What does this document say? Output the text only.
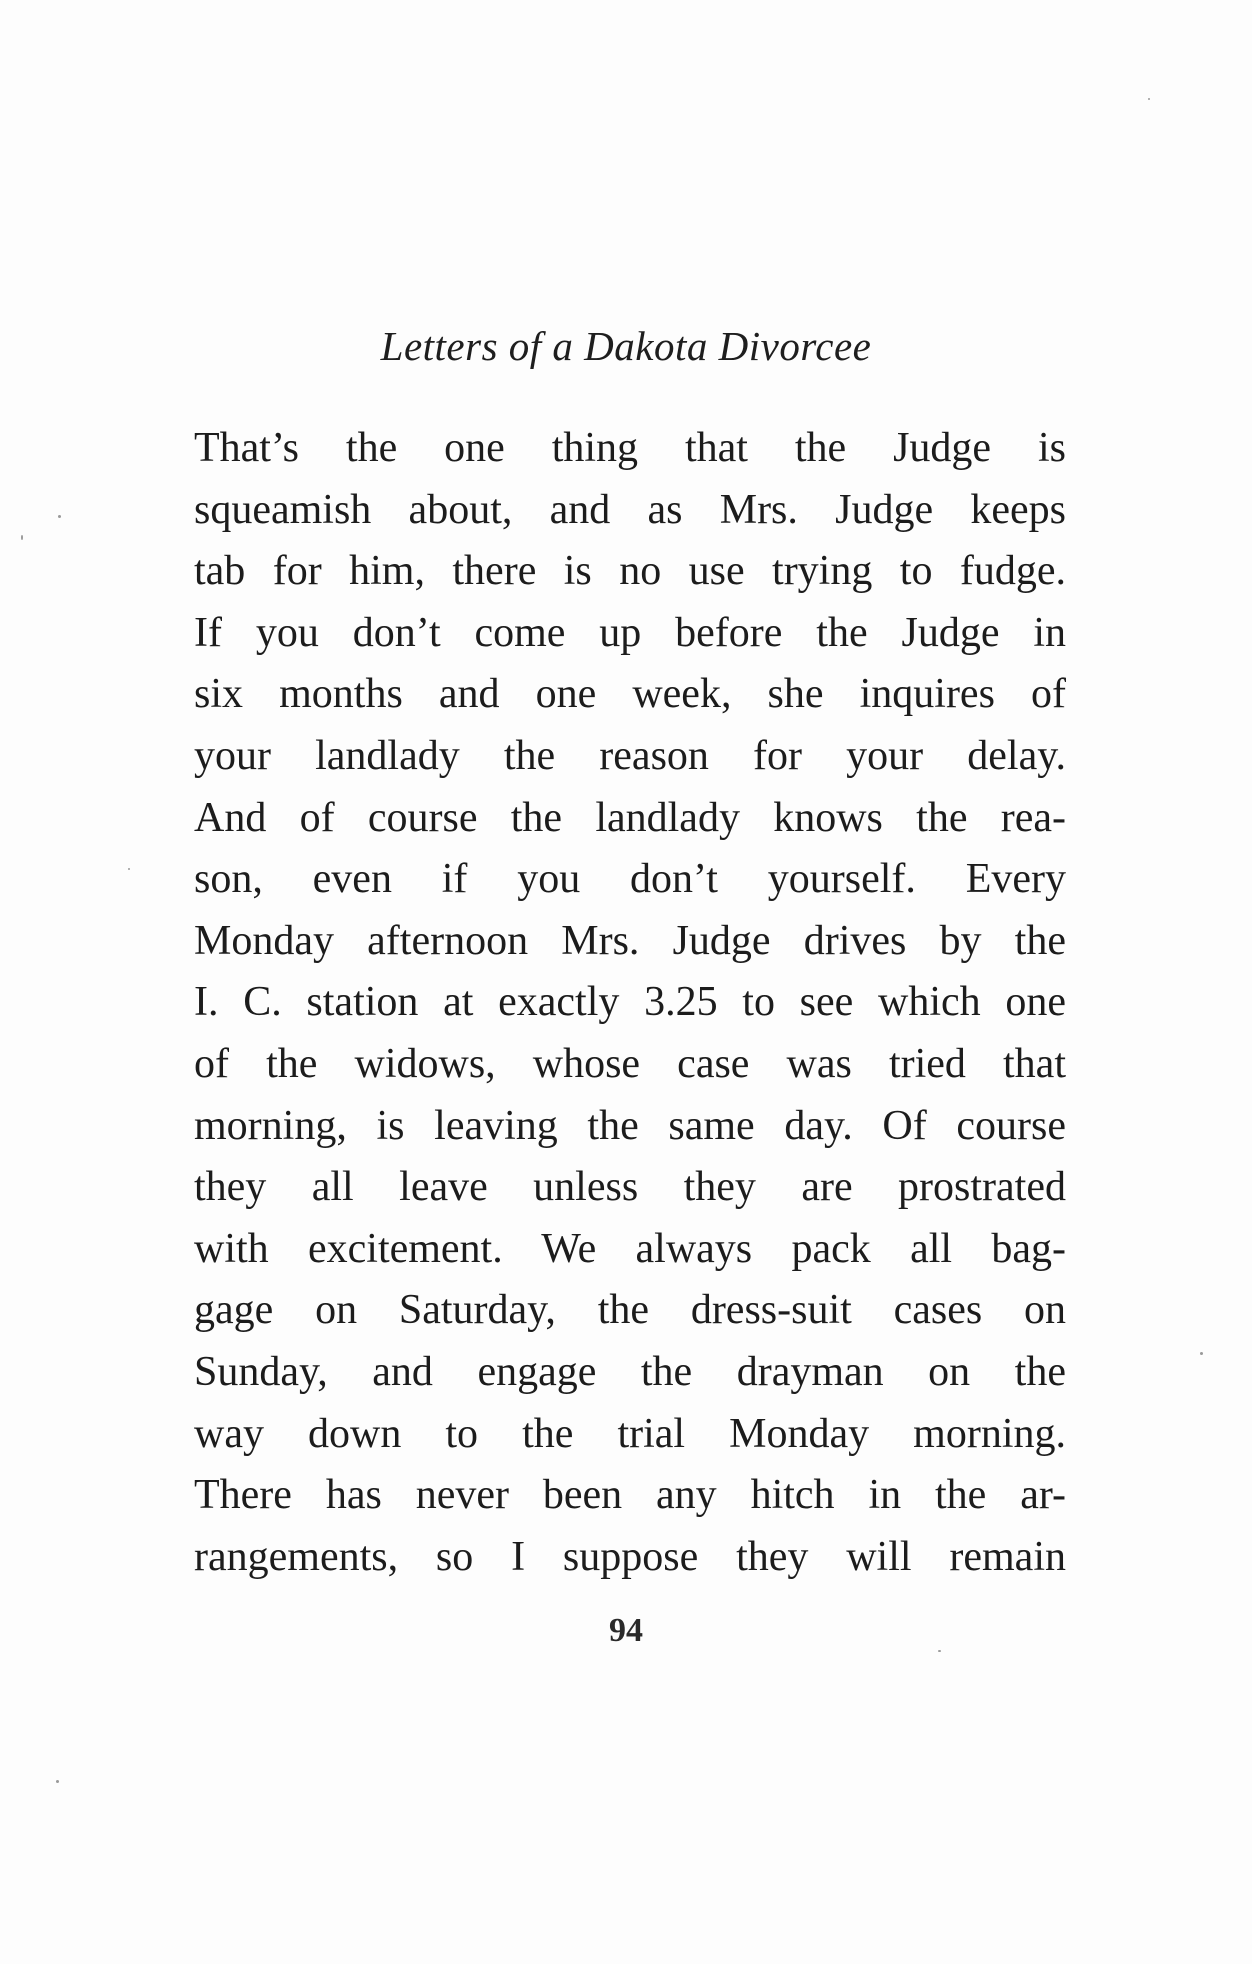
Letters of a Dakota Divorcee
That’s the one thing that the Judge is
squeamish about, and as Mrs. Judge keeps
tab for him, there is no use trying to fudge.
If you don’t come up before the Judge in
six months and one week, she inquires of
your landlady the reason for your delay.
And of course the landlady knows the rea-
son, even if you don’t yourself. Every
Monday afternoon Mrs. Judge drives by the
I. C. station at exactly 3.25 to see which one
of the widows, whose case was tried that
morning, is leaving the same day. Of course
they all leave unless they are prostrated
with excitement. We always pack all bag-
gage on Saturday, the dress-suit cases on
Sunday, and engage the drayman on the
way down to the trial Monday morning.
There has never been any hitch in the ar-
rangements, so I suppose they will remain
94
